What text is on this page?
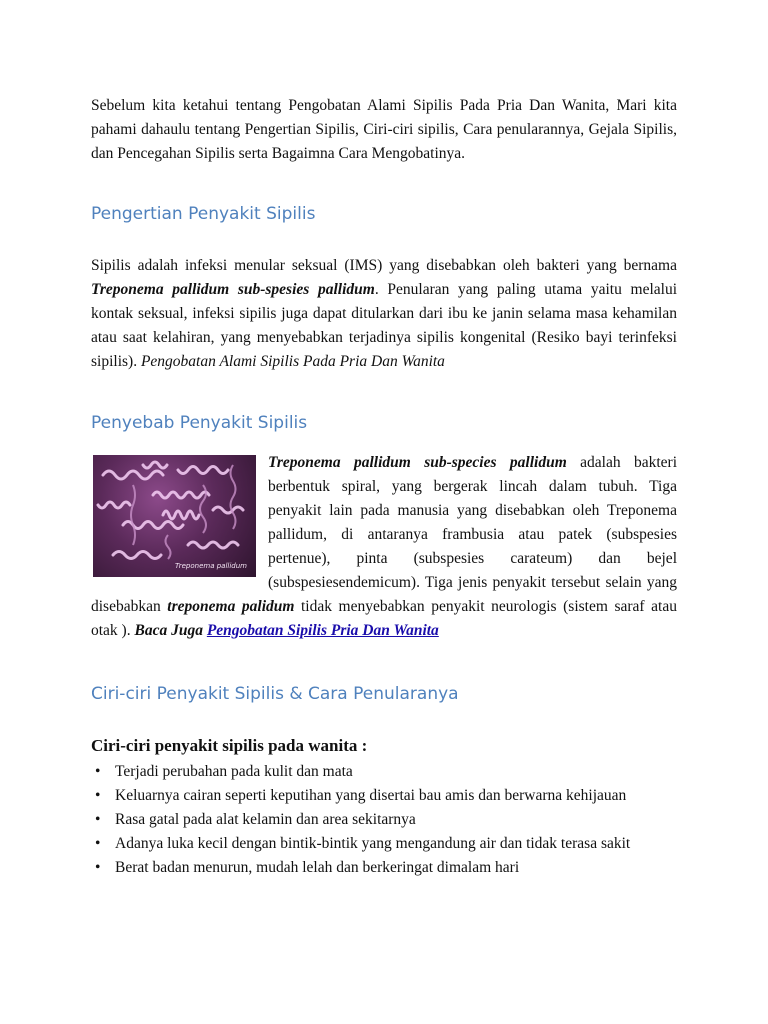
Sebelum kita ketahui tentang Pengobatan Alami Sipilis Pada Pria Dan Wanita, Mari kita pahami dahaulu tentang Pengertian Sipilis, Ciri-ciri sipilis, Cara penularannya, Gejala Sipilis, dan Pencegahan Sipilis serta Bagaimna Cara Mengobatinya.

Pengertian Penyakit Sipilis

Sipilis adalah infeksi menular seksual (IMS) yang disebabkan oleh bakteri yang bernama Treponema pallidum sub-spesies pallidum. Penularan yang paling utama yaitu melalui kontak seksual, infeksi sipilis juga dapat ditularkan dari ibu ke janin selama masa kehamilan atau saat kelahiran, yang menyebabkan terjadinya sipilis kongenital (Resiko bayi terinfeksi sipilis). Pengobatan Alami Sipilis Pada Pria Dan Wanita

Penyebab Penyakit Sipilis
Treponema pallidum

Treponema pallidum sub-species pallidum adalah bakteri berbentuk spiral, yang bergerak lincah dalam tubuh. Tiga penyakit lain pada manusia yang disebabkan oleh Treponema pallidum, di antaranya frambusia atau patek (subspesies pertenue), pinta (subspesies carateum) dan bejel (subspesiesendemicum). Tiga jenis penyakit tersebut selain yang disebabkan treponema palidum tidak menyebabkan penyakit neurologis (sistem saraf atau otak ). Baca Juga Pengobatan Sipilis Pria Dan Wanita

Ciri-ciri Penyakit Sipilis & Cara Penularanya
Ciri-ciri penyakit sipilis pada wanita :
• Terjadi perubahan pada kulit dan mata
• Keluarnya cairan seperti keputihan yang disertai bau amis dan berwarna kehijauan
• Rasa gatal pada alat kelamin dan area sekitarnya
• Adanya luka kecil dengan bintik-bintik yang mengandung air dan tidak terasa sakit
• Berat badan menurun, mudah lelah dan berkeringat dimalam hari
